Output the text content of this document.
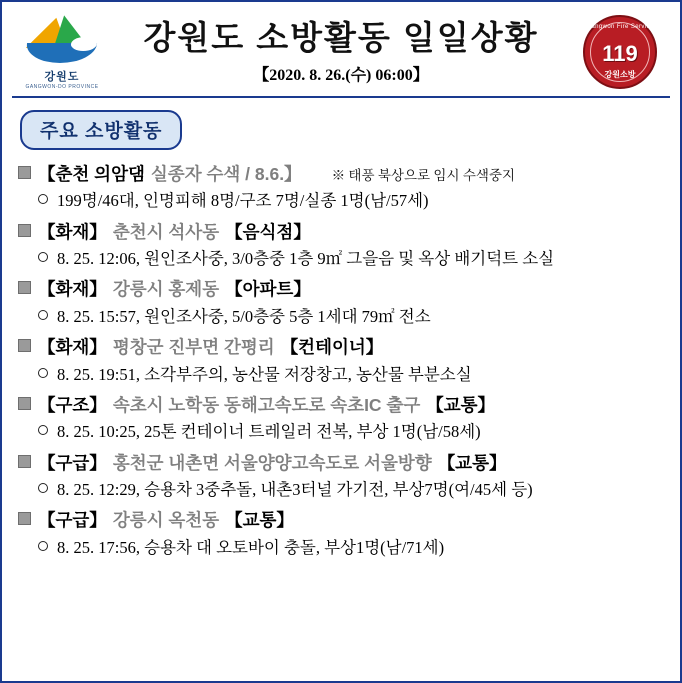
강원도
GANGWON-DO PROVINCE
강원도 소방활동 일일상황
【2020. 8. 26.(수) 06:00】
Gangwon Fire Service
119
강원소방
주요 소방활동
【춘천 의암댐 실종자 수색 / 8.6.】 ※ 태풍 북상으로 임시 수색중지
199명/46대, 인명피해 8명/구조 7명/실종 1명(남/57세)
【화재】 춘천시 석사동 【음식점】
8. 25. 12:06, 원인조사중, 3/0층중 1층 9㎡ 그을음 및 옥상 배기덕트 소실
【화재】 강릉시 홍제동 【아파트】
8. 25. 15:57, 원인조사중, 5/0층중 5층 1세대 79㎡ 전소
【화재】 평창군 진부면 간평리 【컨테이너】
8. 25. 19:51, 소각부주의, 농산물 저장창고, 농산물 부분소실
【구조】 속초시 노학동 동해고속도로 속초IC 출구 【교통】
8. 25. 10:25, 25톤 컨테이너 트레일러 전복, 부상 1명(남/58세)
【구급】 홍천군 내촌면 서울양양고속도로 서울방향 【교통】
8. 25. 12:29, 승용차 3중추돌, 내촌3터널 가기전, 부상7명(여/45세 등)
【구급】 강릉시 옥천동 【교통】
8. 25. 17:56, 승용차 대 오토바이 충돌, 부상1명(남/71세)
